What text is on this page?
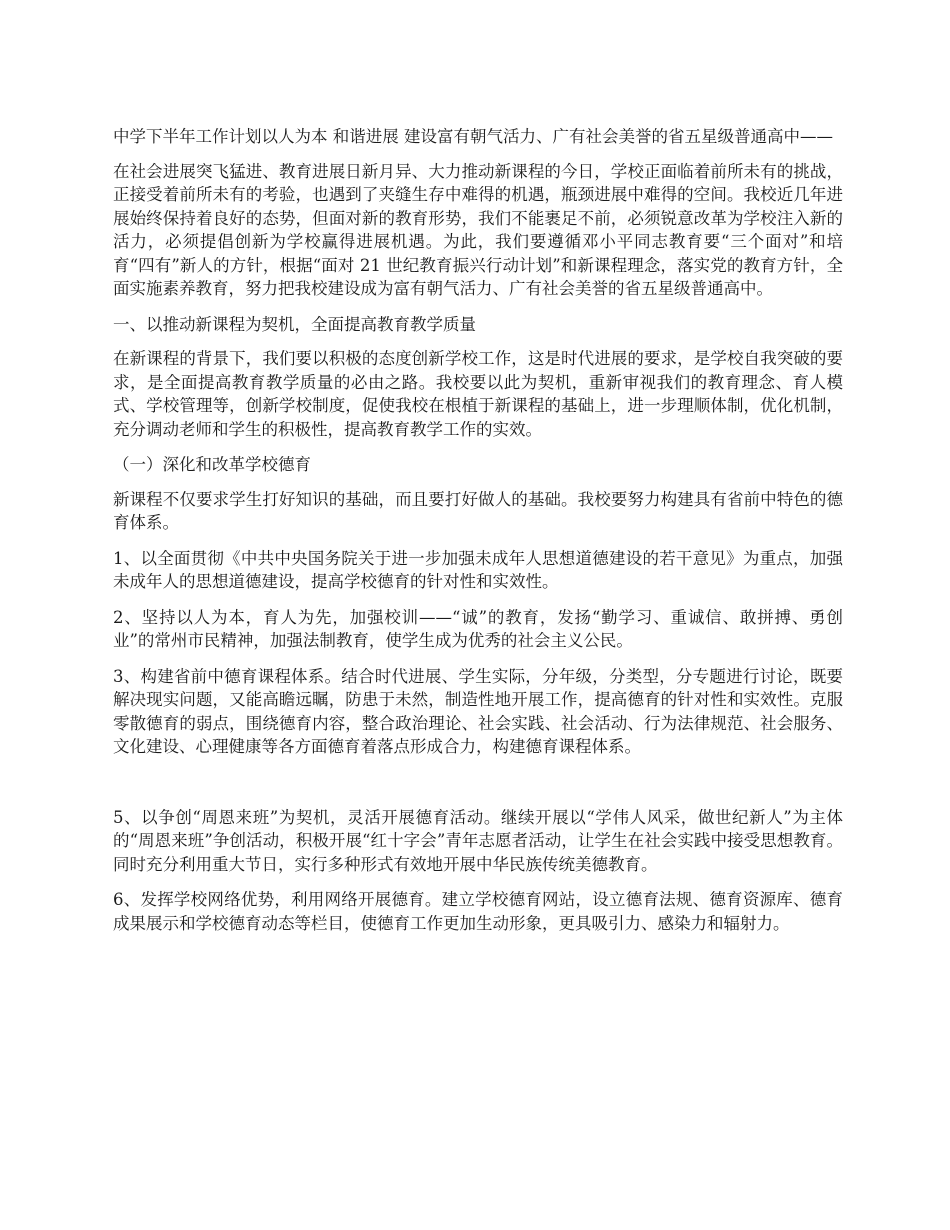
中学下半年工作计划以人为本 和谐进展 建设富有朝气活力、广有社会美誉的省五星级普通高中——

在社会进展突飞猛进、教育进展日新月异、大力推动新课程的今日，学校正面临着前所未有的挑战，正接受着前所未有的考验，也遇到了夹缝生存中难得的机遇，瓶颈进展中难得的空间。我校近几年进展始终保持着良好的态势，但面对新的教育形势，我们不能裹足不前，必须锐意改革为学校注入新的活力，必须提倡创新为学校赢得进展机遇。为此，我们要遵循邓小平同志教育要“三个面对”和培育“四有”新人的方针，根据“面对 21 世纪教育振兴行动计划”和新课程理念，落实党的教育方针，全面实施素养教育，努力把我校建设成为富有朝气活力、广有社会美誉的省五星级普通高中。

一、以推动新课程为契机，全面提高教育教学质量

在新课程的背景下，我们要以积极的态度创新学校工作，这是时代进展的要求，是学校自我突破的要求，是全面提高教育教学质量的必由之路。我校要以此为契机，重新审视我们的教育理念、育人模式、学校管理等，创新学校制度，促使我校在根植于新课程的基础上，进一步理顺体制，优化机制，充分调动老师和学生的积极性，提高教育教学工作的实效。

（一）深化和改革学校德育

新课程不仅要求学生打好知识的基础，而且要打好做人的基础。我校要努力构建具有省前中特色的德育体系。

1、以全面贯彻《中共中央国务院关于进一步加强未成年人思想道德建设的若干意见》为重点，加强未成年人的思想道德建设，提高学校德育的针对性和实效性。

2、坚持以人为本，育人为先，加强校训——“诚”的教育，发扬“勤学习、重诚信、敢拼搏、勇创业”的常州市民精神，加强法制教育，使学生成为优秀的社会主义公民。

3、构建省前中德育课程体系。结合时代进展、学生实际，分年级，分类型，分专题进行讨论，既要解决现实问题，又能高瞻远瞩，防患于未然，制造性地开展工作，提高德育的针对性和实效性。克服零散德育的弱点，围绕德育内容，整合政治理论、社会实践、社会活动、行为法律规范、社会服务、文化建设、心理健康等各方面德育着落点形成合力，构建德育课程体系。

5、以争创“周恩来班”为契机，灵活开展德育活动。继续开展以“学伟人风采，做世纪新人”为主体的“周恩来班”争创活动，积极开展“红十字会”青年志愿者活动，让学生在社会实践中接受思想教育。同时充分利用重大节日，实行多种形式有效地开展中华民族传统美德教育。

6、发挥学校网络优势，利用网络开展德育。建立学校德育网站，设立德育法规、德育资源库、德育成果展示和学校德育动态等栏目，使德育工作更加生动形象，更具吸引力、感染力和辐射力。
